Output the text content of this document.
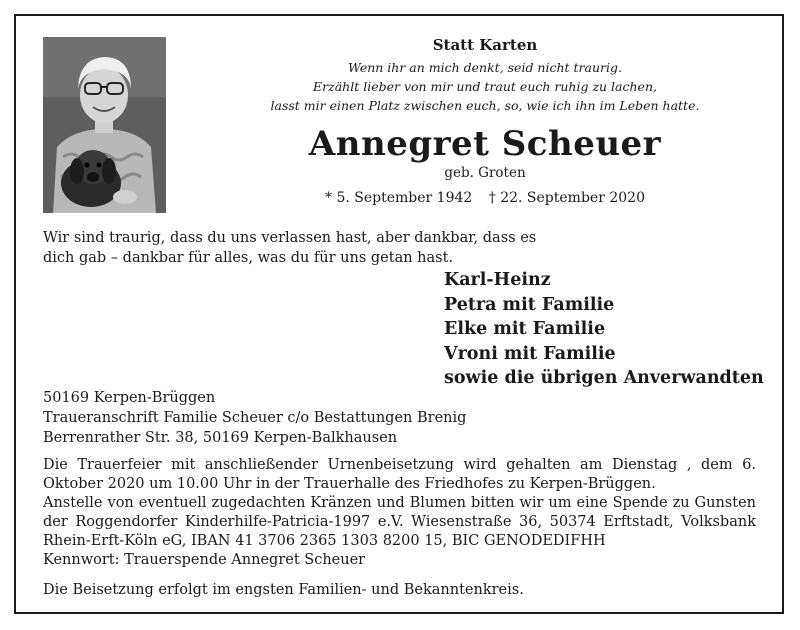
Statt Karten
Wenn ihr an mich denkt, seid nicht traurig.
Erzählt lieber von mir und traut euch ruhig zu lachen,
lasst mir einen Platz zwischen euch, so, wie ich ihn im Leben hatte.
Annegret Scheuer
geb. Groten
* 5. September 1942 † 22. September 2020
Wir sind traurig, dass du uns verlassen hast, aber dankbar, dass es
dich gab – dankbar für alles, was du für uns getan hast.
Karl-Heinz
Petra mit Familie
Elke mit Familie
Vroni mit Familie
sowie die übrigen Anverwandten
50169 Kerpen-Brüggen
Traueranschrift Familie Scheuer c/o Bestattungen Brenig
Berrenrather Str. 38, 50169 Kerpen-Balkhausen

Die Trauerfeier mit anschließender Urnenbeisetzung wird gehalten am Dienstag , dem 6. Oktober 2020 um 10.00 Uhr in der Trauerhalle des Friedhofes zu Kerpen-Brüggen.

Anstelle von eventuell zugedachten Kränzen und Blumen bitten wir um eine Spende zu Gunsten der Roggendorfer Kinderhilfe-Patricia-1997 e.V. Wiesenstraße 36, 50374 Erftstadt, Volksbank Rhein-Erft-Köln eG, IBAN 41 3706 2365 1303 8200 15, BIC GENODEDIFHH

Kennwort: Trauerspende Annegret Scheuer

Die Beisetzung erfolgt im engsten Familien- und Bekanntenkreis.
